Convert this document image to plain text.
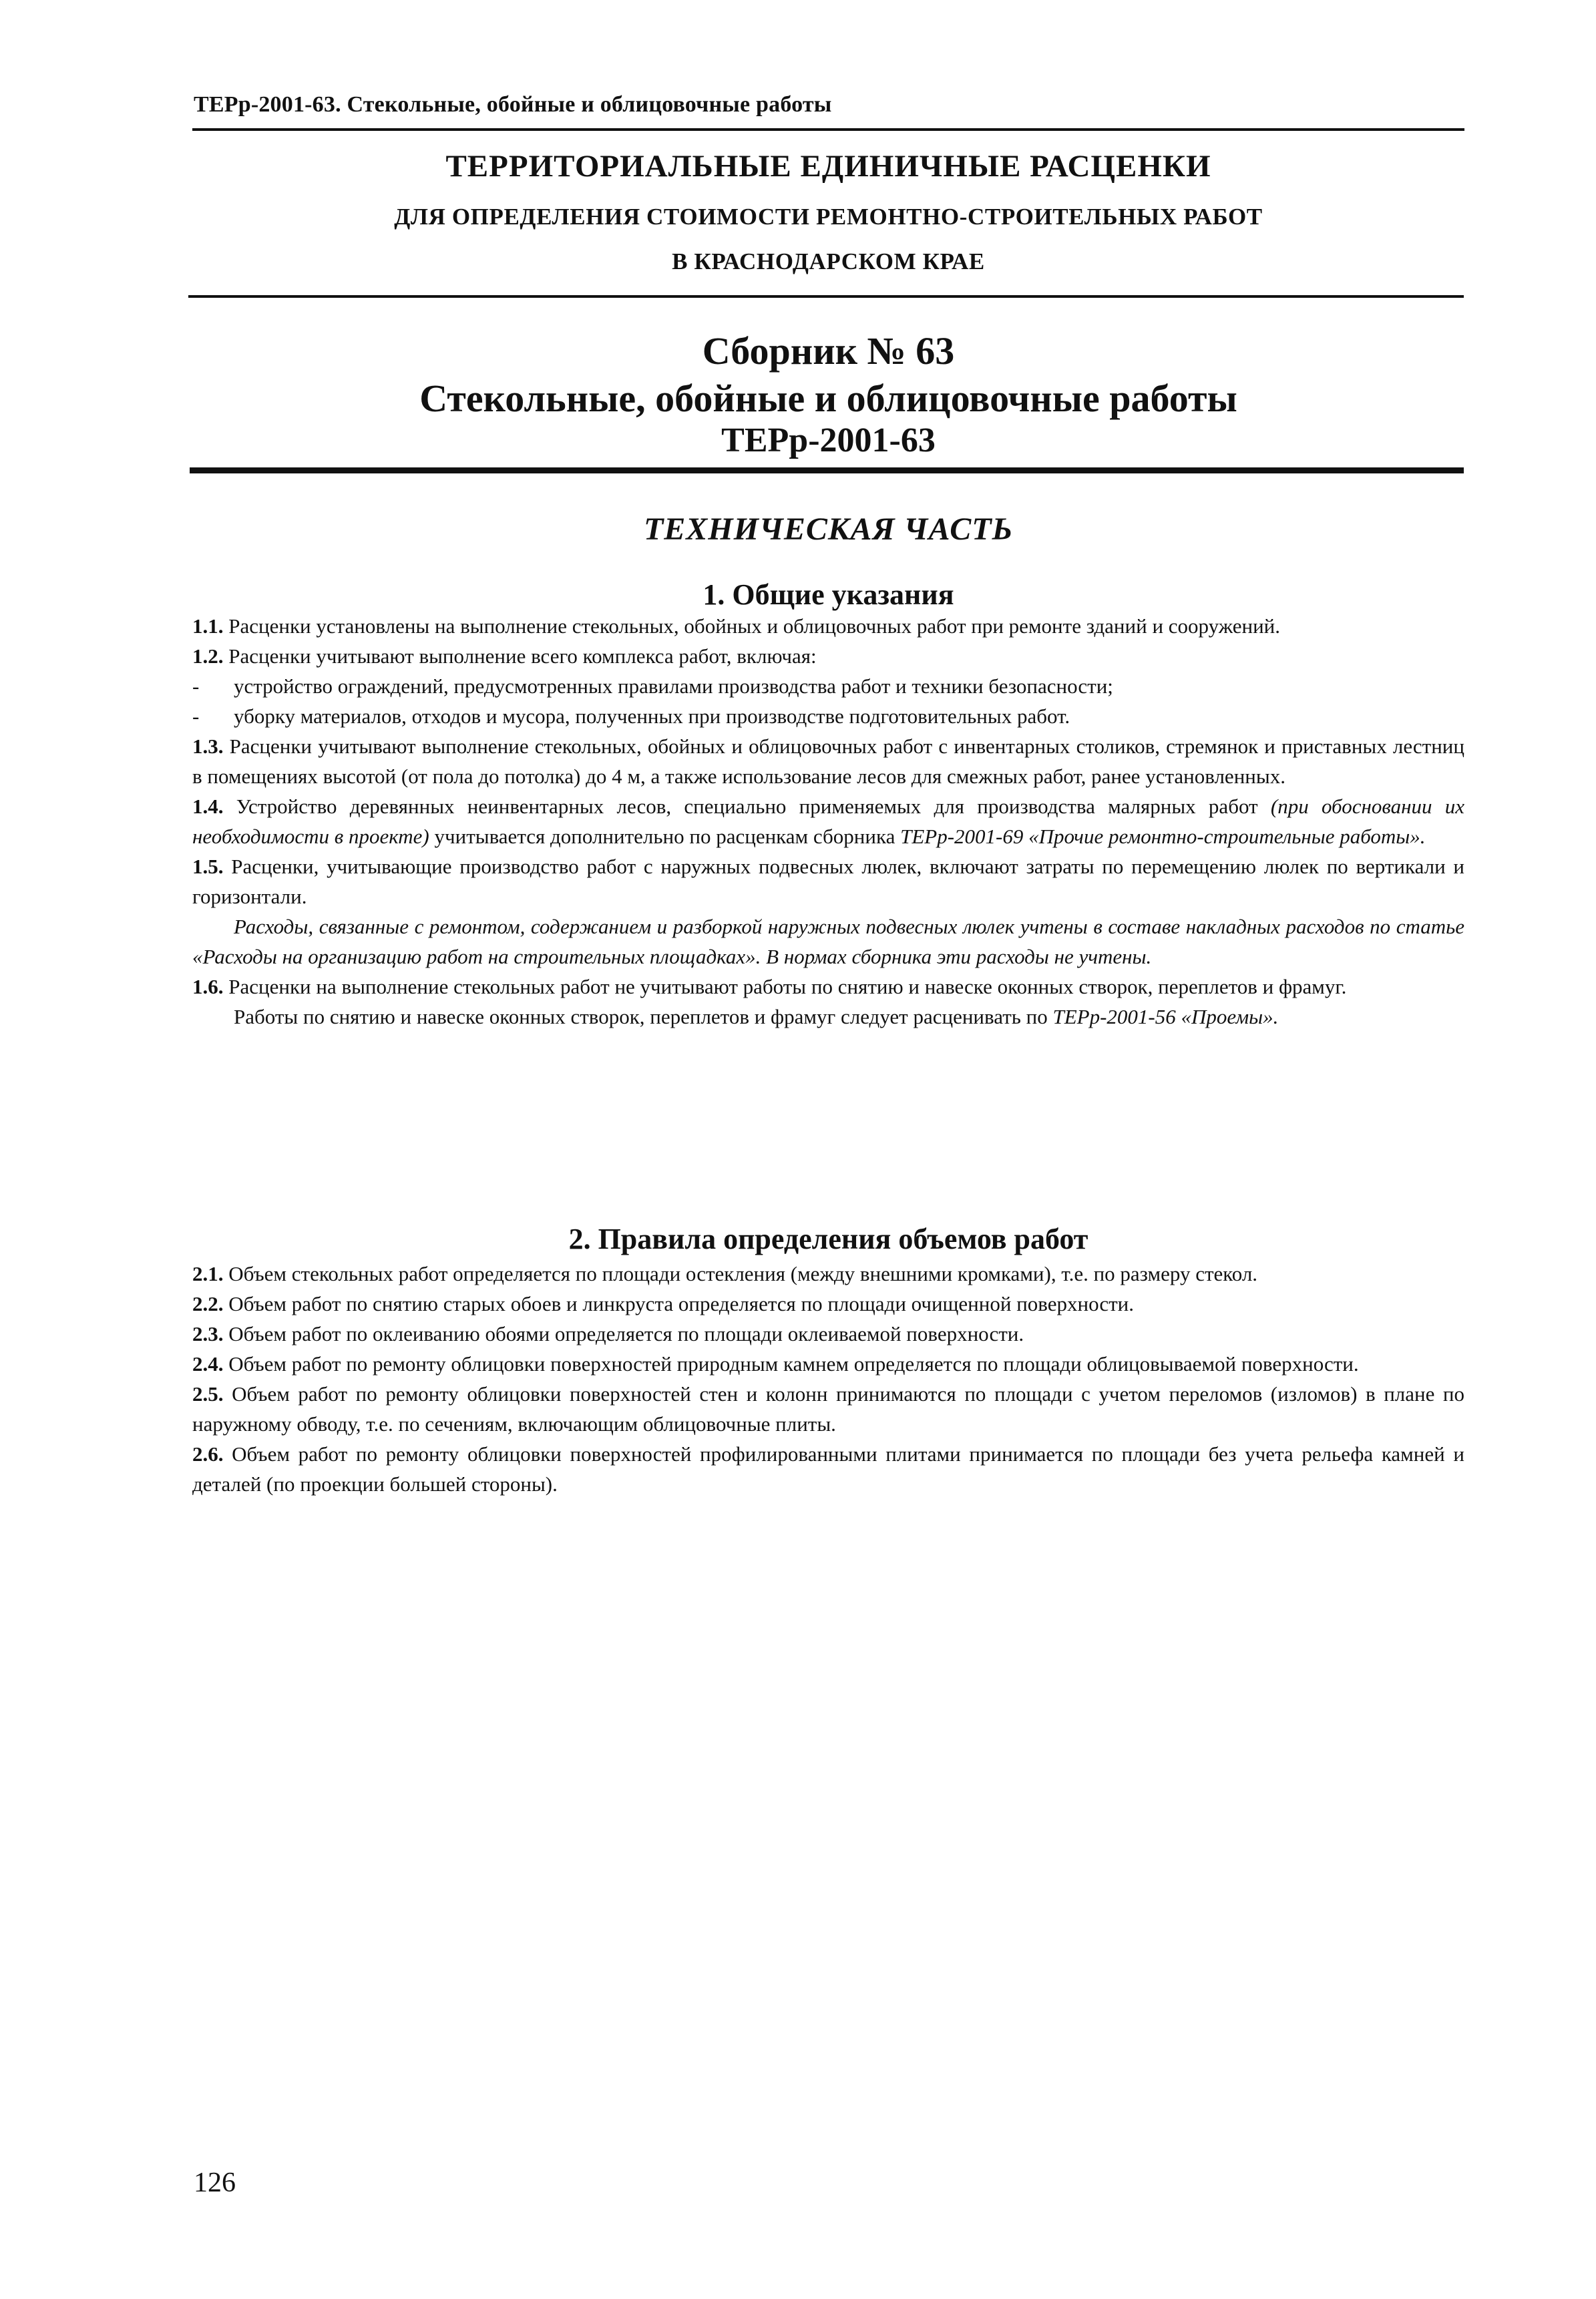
ТЕРр-2001-63. Стекольные, обойные и облицовочные работы
ТЕРРИТОРИАЛЬНЫЕ ЕДИНИЧНЫЕ РАСЦЕНКИ
ДЛЯ ОПРЕДЕЛЕНИЯ СТОИМОСТИ РЕМОНТНО-СТРОИТЕЛЬНЫХ РАБОТ
В КРАСНОДАРСКОМ КРАЕ
Сборник № 63
Стекольные, обойные и облицовочные работы
ТЕРр-2001-63
ТЕХНИЧЕСКАЯ ЧАСТЬ
1. Общие указания

1.1. Расценки установлены на выполнение стекольных, обойных и облицовочных работ при ремонте зданий и сооружений.

1.2. Расценки учитывают выполнение всего комплекса работ, включая:

-	устройство ограждений, предусмотренных правилами производства работ и техники безопасности;

-	уборку материалов, отходов и мусора, полученных при производстве подготовительных работ.

1.3. Расценки учитывают выполнение стекольных, обойных и облицовочных работ с инвентарных столиков, стремянок и приставных лестниц в помещениях высотой (от пола до потолка) до 4 м, а также использование лесов для смежных работ, ранее установленных.

1.4. Устройство деревянных неинвентарных лесов, специально применяемых для производства малярных работ (при обосновании их необходимости в проекте) учитывается дополнительно по расценкам сборника ТЕРр-2001-69 «Прочие ремонтно-строительные работы».

1.5. Расценки, учитывающие производство работ с наружных подвесных люлек, включают затраты по перемещению люлек по вертикали и горизонтали.

Расходы, связанные с ремонтом, содержанием и разборкой наружных подвесных люлек учтены в составе накладных расходов по статье «Расходы на организацию работ на строительных площадках». В нормах сборника эти расходы не учтены.

1.6. Расценки на выполнение стекольных работ не учитывают работы по снятию и навеске оконных створок, переплетов и фрамуг.

Работы по снятию и навеске оконных створок, переплетов и фрамуг следует расценивать по ТЕРр-2001-56 «Проемы».

2. Правила определения объемов работ

2.1. Объем стекольных работ определяется по площади остекления (между внешними кромками), т.е. по размеру стекол.

2.2. Объем работ по снятию старых обоев и линкруста определяется по площади очищенной поверхности.

2.3. Объем работ по оклеиванию обоями определяется по площади оклеиваемой поверхности.

2.4. Объем работ по ремонту облицовки поверхностей природным камнем определяется по площади облицовываемой поверхности.

2.5. Объем работ по ремонту облицовки поверхностей стен и колонн принимаются по площади с учетом переломов (изломов) в плане по наружному обводу, т.е. по сечениям, включающим облицовочные плиты.

2.6. Объем работ по ремонту облицовки поверхностей профилированными плитами принимается по площади без учета рельефа камней и деталей (по проекции большей стороны).

126
